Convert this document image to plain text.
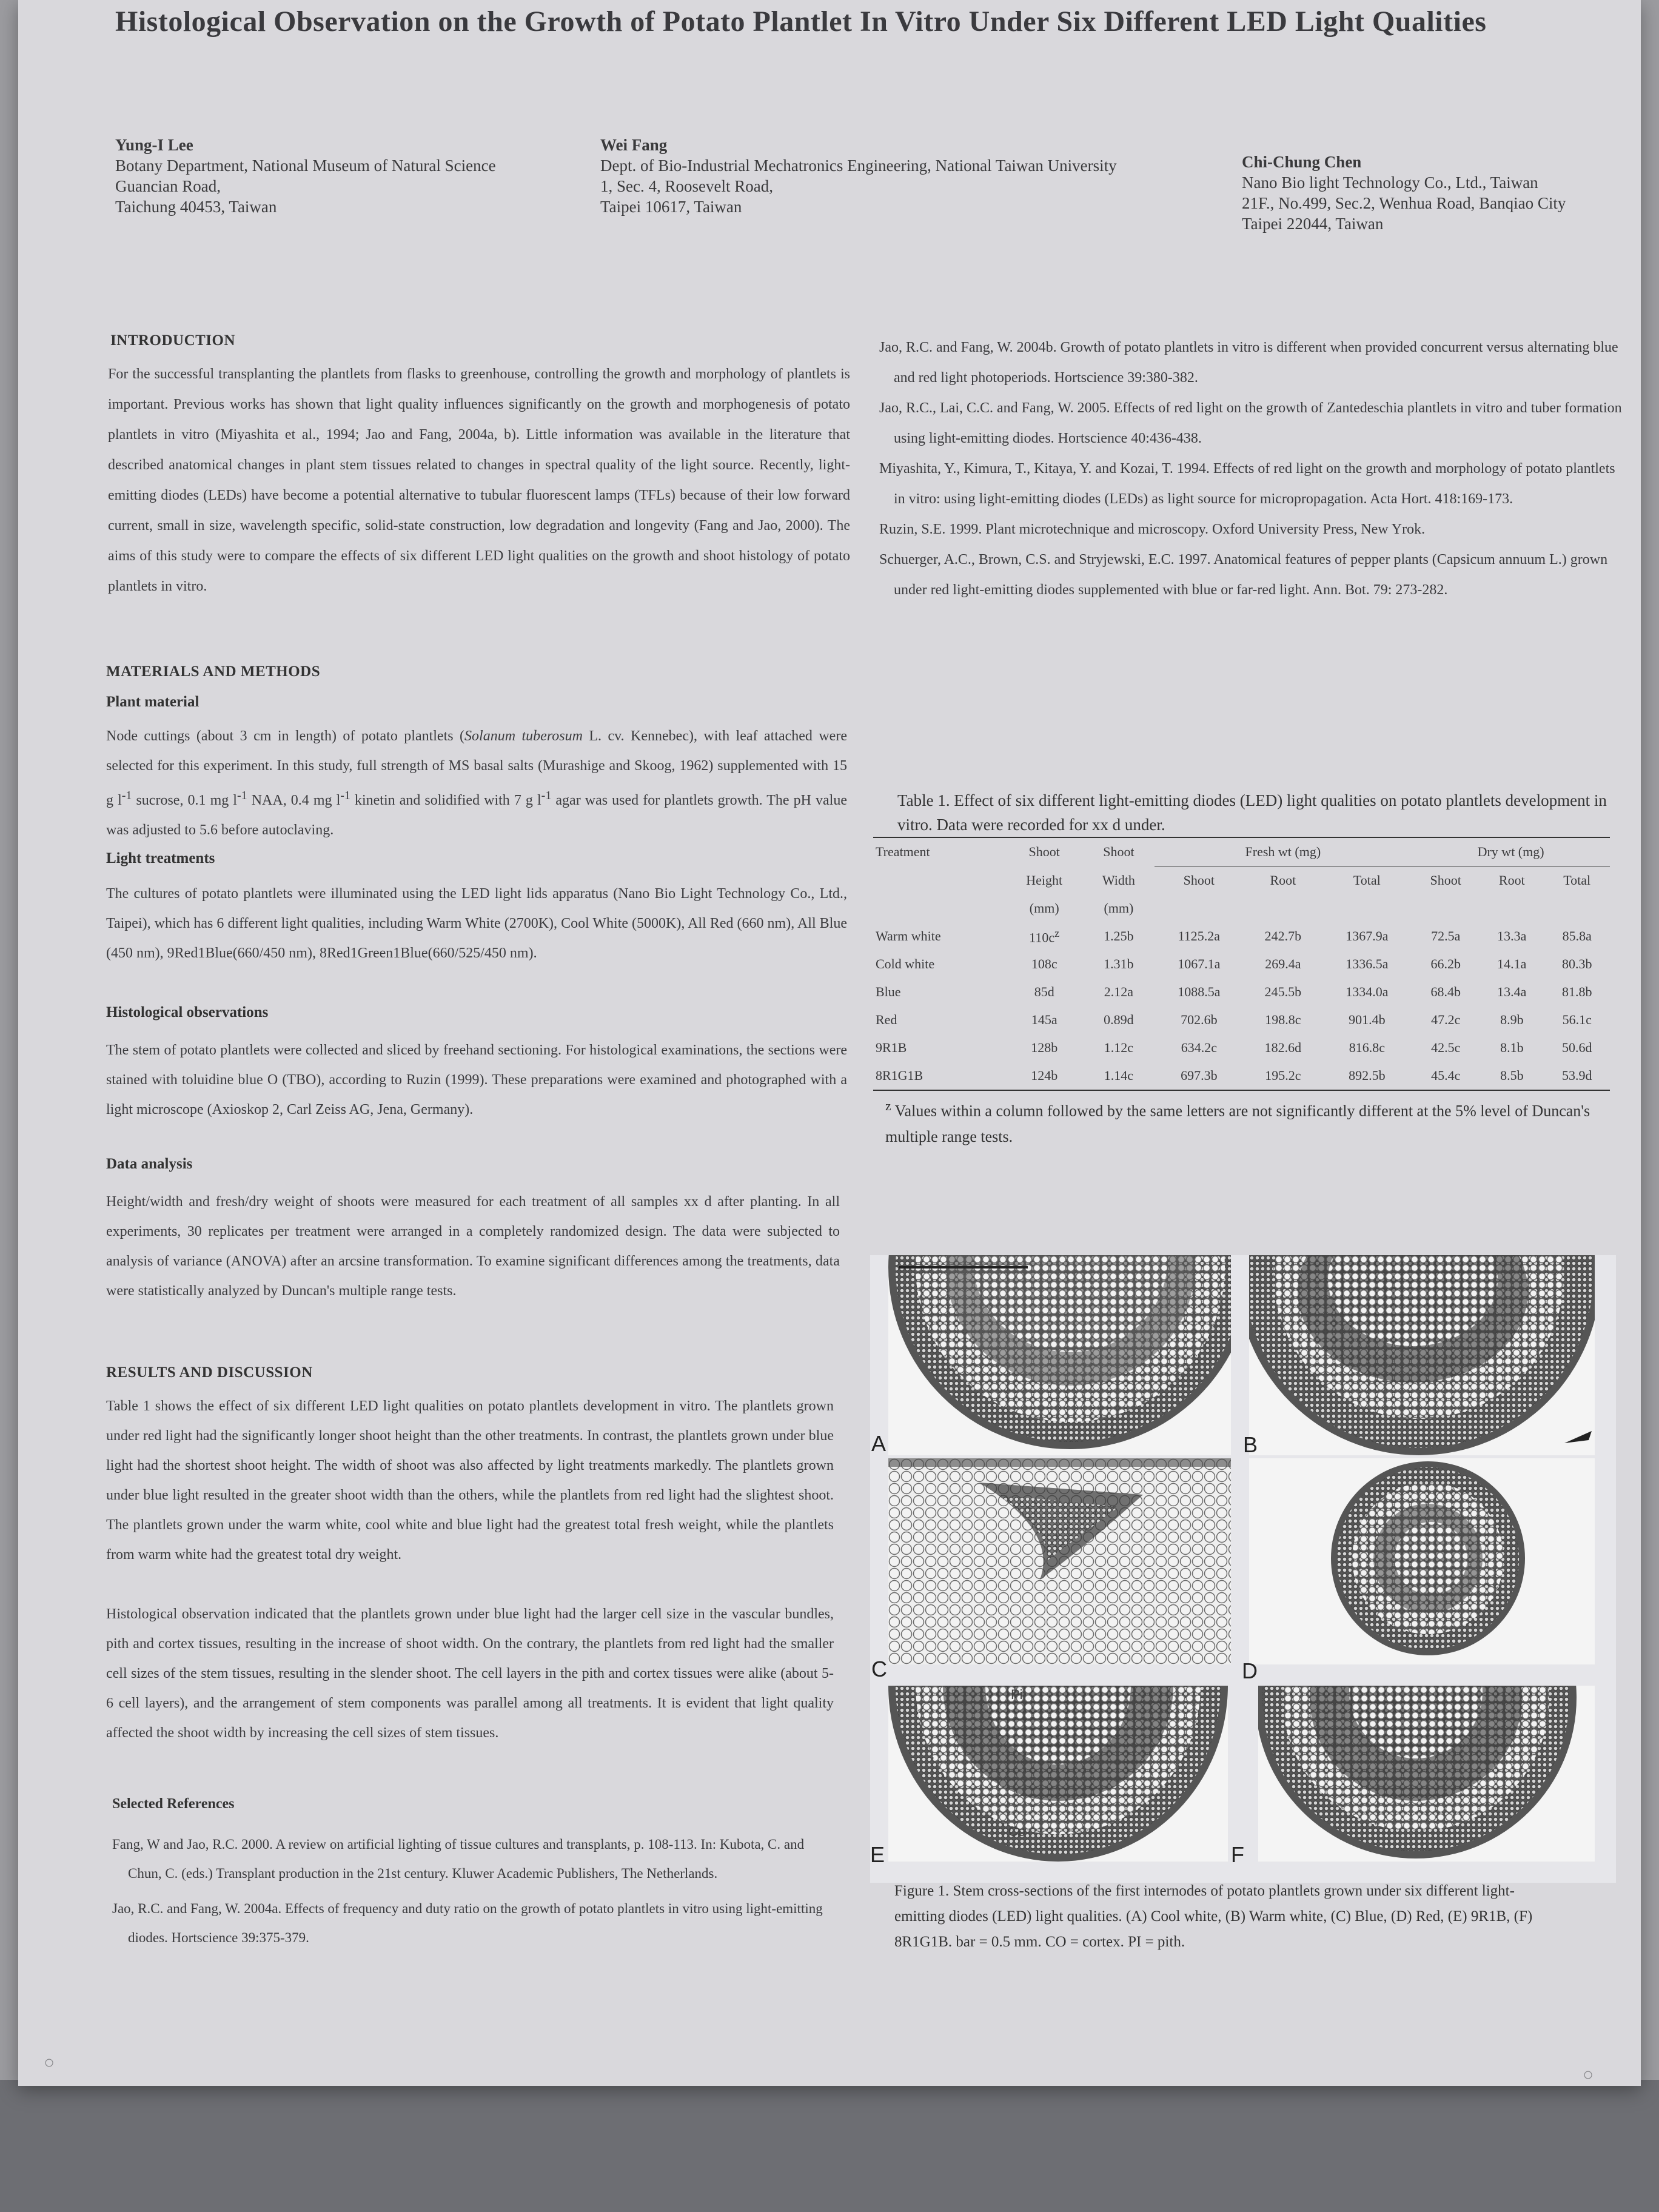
Histological Observation on the Growth of Potato Plantlet In Vitro Under Six Different LED Light Qualities
Yung-I Lee
Botany Department, National Museum of Natural Science
Guancian Road,
Taichung 40453, Taiwan
Wei Fang
Dept. of Bio-Industrial Mechatronics Engineering, National Taiwan University
1, Sec. 4, Roosevelt Road,
Taipei 10617, Taiwan
Chi-Chung Chen
Nano Bio light Technology Co., Ltd., Taiwan
21F., No.499, Sec.2, Wenhua Road, Banqiao City
Taipei 22044, Taiwan
INTRODUCTION
For the successful transplanting the plantlets from flasks to greenhouse, controlling the growth and morphology of plantlets is important. Previous works has shown that light quality influences significantly on the growth and morphogenesis of potato plantlets in vitro (Miyashita et al., 1994; Jao and Fang, 2004a, b). Little information was available in the literature that described anatomical changes in plant stem tissues related to changes in spectral quality of the light source. Recently, light-emitting diodes (LEDs) have become a potential alternative to tubular fluorescent lamps (TFLs) because of their low forward current, small in size, wavelength specific, solid-state construction, low degradation and longevity (Fang and Jao, 2000). The aims of this study were to compare the effects of six different LED light qualities on the growth and shoot histology of potato plantlets in vitro.
MATERIALS AND METHODS
Plant material
Node cuttings (about 3 cm in length) of potato plantlets (Solanum tuberosum L. cv. Kennebec), with leaf attached were selected for this experiment. In this study, full strength of MS basal salts (Murashige and Skoog, 1962) supplemented with 15 g $l^{-1}$ sucrose, 0.1 mg $l^{-1}$ NAA, 0.4 mg $l^{-1}$ kinetin and solidified with 7 g $l^{-1}$ agar was used for plantlets growth. The pH value was adjusted to 5.6 before autoclaving.
Light treatments
The cultures of potato plantlets were illuminated using the LED light lids apparatus (Nano Bio Light Technology Co., Ltd., Taipei), which has 6 different light qualities, including Warm White (2700K), Cool White (5000K), All Red (660 nm), All Blue (450 nm), 9Red1Blue(660/450 nm), 8Red1Green1Blue(660/525/450 nm).
Histological observations
The stem of potato plantlets were collected and sliced by freehand sectioning. For histological examinations, the sections were stained with toluidine blue O (TBO), according to Ruzin (1999). These preparations were examined and photographed with a light microscope (Axioskop 2, Carl Zeiss AG, Jena, Germany).
Data analysis
Height/width and fresh/dry weight of shoots were measured for each treatment of all samples xx d after planting. In all experiments, 30 replicates per treatment were arranged in a completely randomized design. The data were subjected to analysis of variance (ANOVA) after an arcsine transformation. To examine significant differences among the treatments, data were statistically analyzed by Duncan's multiple range tests.
RESULTS AND DISCUSSION
Table 1 shows the effect of six different LED light qualities on potato plantlets development in vitro. The plantlets grown under red light had the significantly longer shoot height than the other treatments. In contrast, the plantlets grown under blue light had the shortest shoot height. The width of shoot was also affected by light treatments markedly. The plantlets grown under blue light resulted in the greater shoot width than the others, while the plantlets from red light had the slightest shoot. The plantlets grown under the warm white, cool white and blue light had the greatest total fresh weight, while the plantlets from warm white had the greatest total dry weight.
Histological observation indicated that the plantlets grown under blue light had the larger cell size in the vascular bundles, pith and cortex tissues, resulting in the increase of shoot width. On the contrary, the plantlets from red light had the smaller cell sizes of the stem tissues, resulting in the slender shoot. The cell layers in the pith and cortex tissues were alike (about 5-6 cell layers), and the arrangement of stem components was parallel among all treatments. It is evident that light quality affected the shoot width by increasing the cell sizes of stem tissues.
Selected References
Fang, W and Jao, R.C. 2000. A review on artificial lighting of tissue cultures and transplants, p. 108-113. In: Kubota, C. and Chun, C. (eds.) Transplant production in the 21st century. Kluwer Academic Publishers, The Netherlands.
Jao, R.C. and Fang, W. 2004a. Effects of frequency and duty ratio on the growth of potato plantlets in vitro using light-emitting diodes. Hortscience 39:375-379.
Jao, R.C. and Fang, W. 2004b. Growth of potato plantlets in vitro is different when provided concurrent versus alternating blue and red light photoperiods. Hortscience 39:380-382.
Jao, R.C., Lai, C.C. and Fang, W. 2005. Effects of red light on the growth of Zantedeschia plantlets in vitro and tuber formation using light-emitting diodes. Hortscience 40:436-438.
Miyashita, Y., Kimura, T., Kitaya, Y. and Kozai, T. 1994. Effects of red light on the growth and morphology of potato plantlets in vitro: using light-emitting diodes (LEDs) as light source for micropropagation. Acta Hort. 418:169-173.
Ruzin, S.E. 1999. Plant microtechnique and microscopy. Oxford University Press, New Yrok.
Schuerger, A.C., Brown, C.S. and Stryjewski, E.C. 1997. Anatomical features of pepper plants (Capsicum annuum L.) grown under red light-emitting diodes supplemented with blue or far-red light. Ann. Bot. 79: 273-282.
Table 1. Effect of six different light-emitting diodes (LED) light qualities on potato plantlets development in vitro. Data were recorded for xx d under.
Treatment	Shoot	Shoot	Fresh wt (mg)			Dry wt (mg)		
	Height	Width	Shoot	Root	Total	Shoot	Root	Total
	(mm)	(mm)						
Warm white	$110c^z$	1.25b	1125.2a	242.7b	1367.9a	72.5a	13.3a	85.8a
Cold white	108c	1.31b	1067.1a	269.4a	1336.5a	66.2b	14.1a	80.3b
Blue	85d	2.12a	1088.5a	245.5b	1334.0a	68.4b	13.4a	81.8b
Red	145a	0.89d	702.6b	198.8c	901.4b	47.2c	8.9b	56.1c
9R1B	128b	1.12c	634.2c	182.6d	816.8c	42.5c	8.1b	50.6d
8R1G1B	124b	1.14c	697.3b	195.2c	892.5b	45.4c	8.5b	53.9d
$^z$ Values within a column followed by the same letters are not significantly different at the 5% level of Duncan's multiple range tests.
A	B
C	D
Pi
Co
E	F
Figure 1. Stem cross-sections of the first internodes of potato plantlets grown under six different light-emitting diodes (LED) light qualities. (A) Cool white, (B) Warm white, (C) Blue, (D) Red, (E) 9R1B, (F) 8R1G1B. bar = 0.5 mm. CO = cortex. PI = pith.
○
○
